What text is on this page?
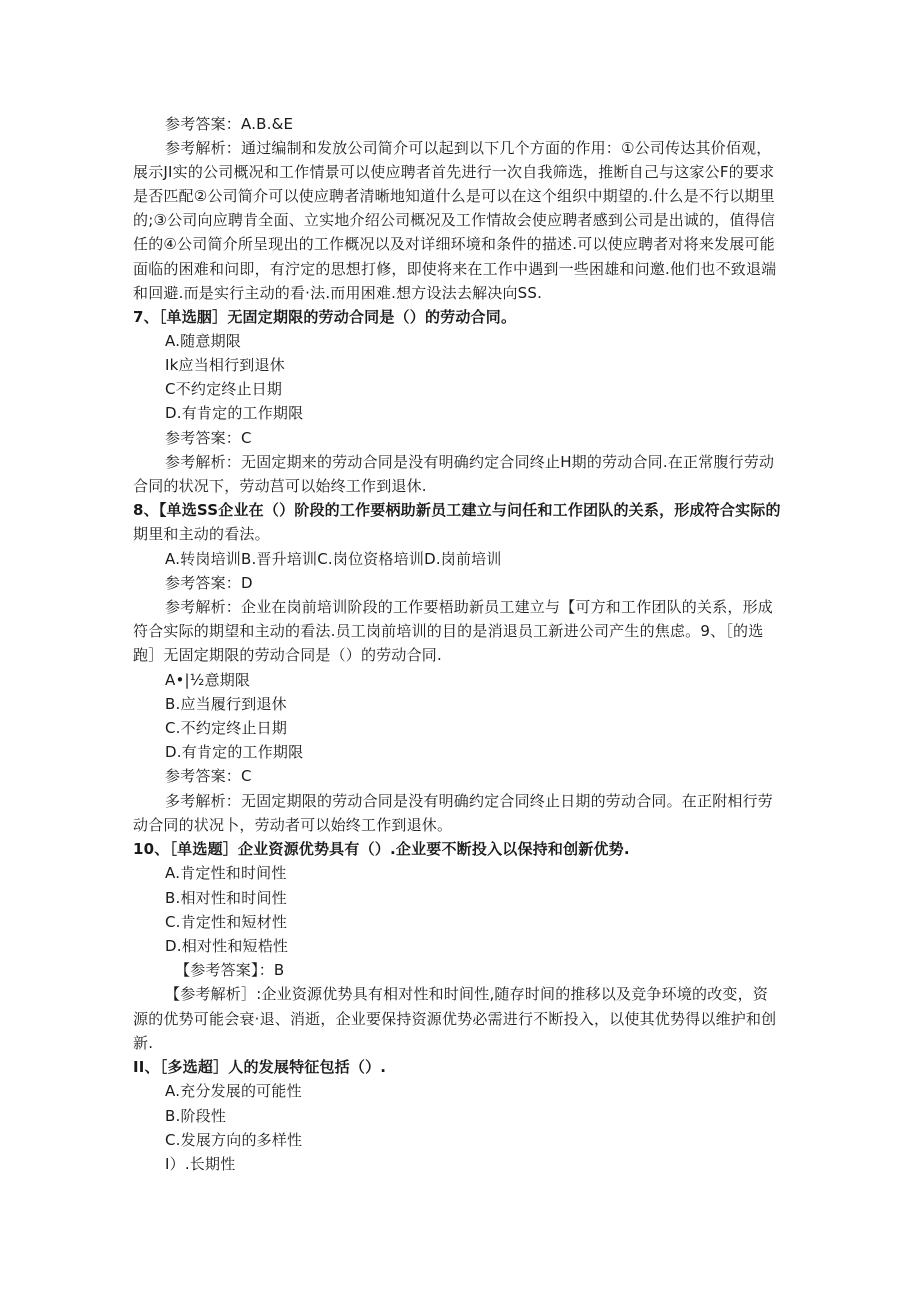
参考答案：A.B.&E
参考解析：通过编制和发放公司简介可以起到以下几个方面的作用：①公司传达其价佰观，
展示JI实的公司概况和工作情景可以使应聘者首先进行一次自我筛选，推断自己与这家公F的要求
是否匹配②公司简介可以使应聘者清晰地知道什么是可以在这个组织中期望的.什么是不行以期里
的;③公司向应聘肯全面、立实地介绍公司概况及工作情故会使应聘者感到公司是出诚的，值得信
任的④公司简介所呈现出的工作概况以及对详细环境和条件的描述.可以使应聘者对将来发展可能
面临的困难和问即，有泞定的思想打修，即使将来在工作中遇到一些困雄和问邀.他们也不致退端
和回避.而是实行主动的看·法.而用困难.想方设法去解决向SS.
7、［单选胭］无固定期限的劳动合同是（）的劳动合同。
A.随意期限
Ik应当相行到退休
C不约定终止日期
D.有肯定的工作期限
参考答案：C
参考解析：无固定期来的劳动合同是没有明确约定合同终止H期的劳动合同.在正常腹行劳动
合同的状况下，劳动莒可以始终工作到退休.
8、【单选SS企业在（）阶段的工作要柄助新员工建立与问任和工作团队的关系，形成符合实际的
期里和主动的看法。
A.转岗培训B.晋升培训C.岗位资格培训D.岗前培训
参考答案：D
参考解析：企业在岗前培训阶段的工作要梧助新员工建立与【可方和工作团队的关系，形成
符合实际的期望和主动的看法.员工岗前培训的目的是消退员工新进公司产生的焦虑。9、［的选
跑］无固定期限的劳动合同是（）的劳动合同.
A•|½意期限
B.应当履行到退休
C.不约定终止日期
D.有肯定的工作期限
参考答案：C
多考解析：无固定期限的劳动合同是没有明确约定合同终止日期的劳动合同。在正附相行劳
动合同的状况卜，劳动者可以始终工作到退休。
10、［单选题］企业资源优势具有（）.企业要不断投入以保持和创新优势.
A.肯定性和时间性
B.相对性和时间性
C.肯定性和短材性
D.相对性和短梏性
【参考答案】：B
【参考解析］:企业资源优势具有相对性和时间性,随存时间的推移以及竞争环境的改变，资
源的优势可能会衰·退、消逝，企业要保持资源优势必需进行不断投入，以使其优势得以维护和创
新.
II、［多选超］人的发展特征包括（）.
A.充分发展的可能性
B.阶段性
C.发展方向的多样性
I）.长期性
